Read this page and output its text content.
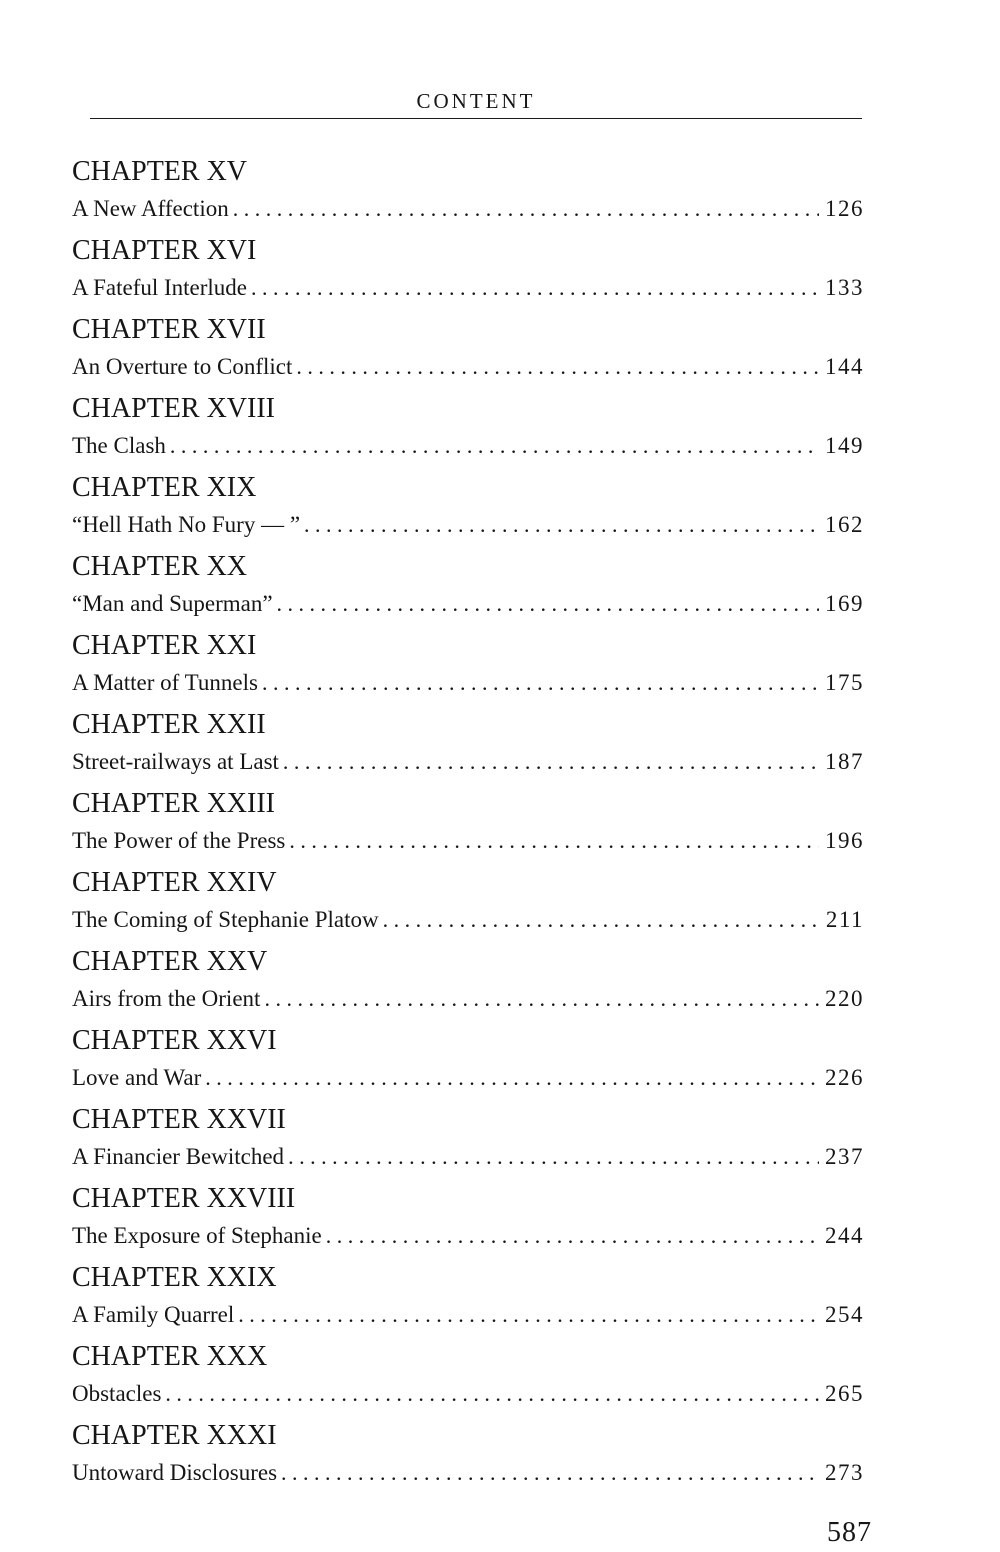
CONTENT
CHAPTER XV
A New Affection . . .	126
CHAPTER XVI
A Fateful Interlude . . .	133
CHAPTER XVII
An Overture to Conflict . . .	144
CHAPTER XVIII
The Clash . . .	149
CHAPTER XIX
“Hell Hath No Fury — ” . . .	162
CHAPTER XX
“Man and Superman” . . .	169
CHAPTER XXI
A Matter of Tunnels . . .	175
CHAPTER XXII
Street-railways at Last . . .	187
CHAPTER XXIII
The Power of the Press . . .	196
CHAPTER XXIV
The Coming of Stephanie Platow . . .	211
CHAPTER XXV
Airs from the Orient . . .	220
CHAPTER XXVI
Love and War . . .	226
CHAPTER XXVII
A Financier Bewitched . . .	237
CHAPTER XXVIII
The Exposure of Stephanie . . .	244
CHAPTER XXIX
A Family Quarrel . . .	254
CHAPTER XXX
Obstacles . . .	265
CHAPTER XXXI
Untoward Disclosures . . .	273
587
